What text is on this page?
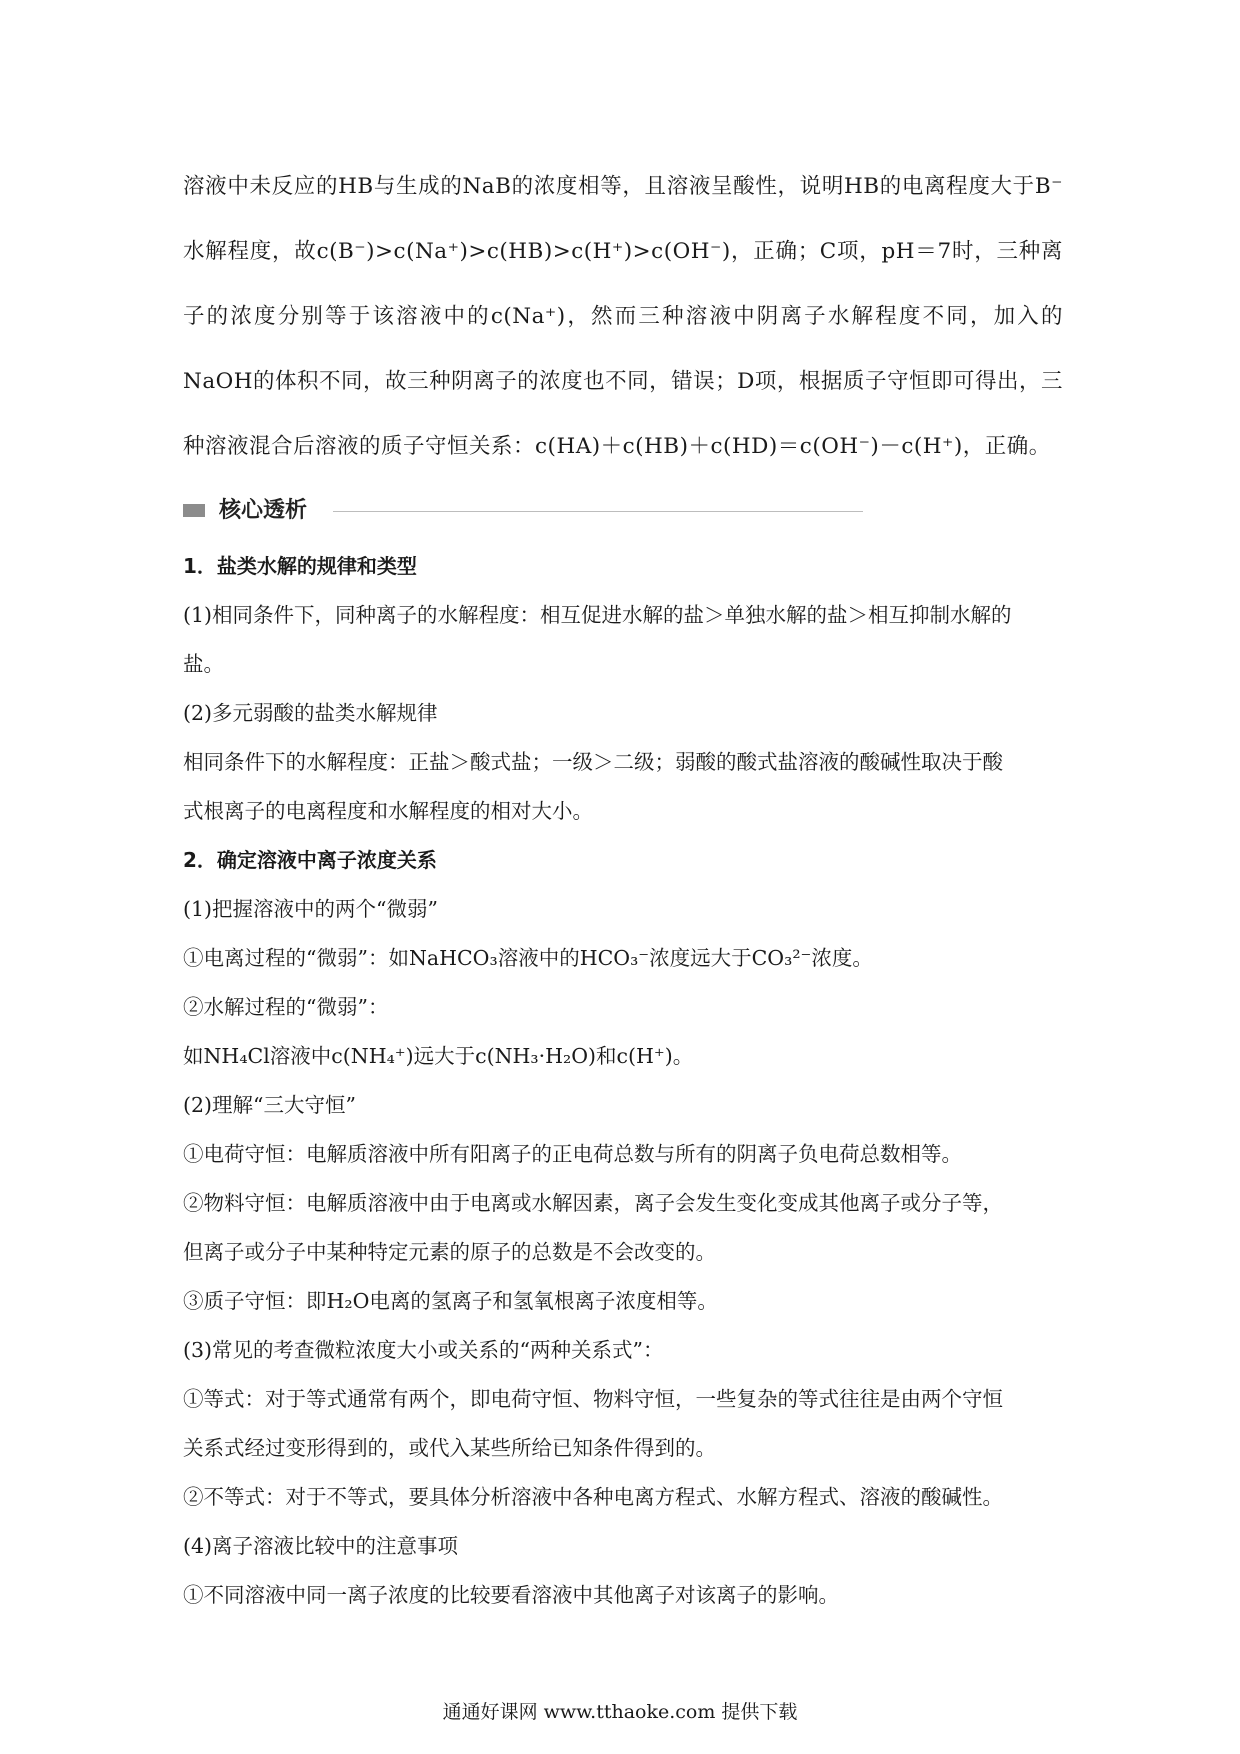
溶液中未反应的HB与生成的NaB的浓度相等，且溶液呈酸性，说明HB的电离程度大于B⁻水解程度，故c(B⁻)>c(Na⁺)>c(HB)>c(H⁺)>c(OH⁻)，正确；C项，pH＝7时，三种离子的浓度分别等于该溶液中的c(Na⁺)，然而三种溶液中阴离子水解程度不同，加入的NaOH的体积不同，故三种阴离子的浓度也不同，错误；D项，根据质子守恒即可得出，三种溶液混合后溶液的质子守恒关系：c(HA)＋c(HB)＋c(HD)＝c(OH⁻)－c(H⁺)，正确。
核心透析
1．盐类水解的规律和类型
(1)相同条件下，同种离子的水解程度：相互促进水解的盐＞单独水解的盐＞相互抑制水解的
盐。
(2)多元弱酸的盐类水解规律
相同条件下的水解程度：正盐＞酸式盐；一级＞二级；弱酸的酸式盐溶液的酸碱性取决于酸
式根离子的电离程度和水解程度的相对大小。
2．确定溶液中离子浓度关系
(1)把握溶液中的两个“微弱”
①电离过程的“微弱”：如NaHCO₃溶液中的HCO₃⁻浓度远大于CO₃²⁻浓度。
②水解过程的“微弱”：
如NH₄Cl溶液中c(NH₄⁺)远大于c(NH₃·H₂O)和c(H⁺)。
(2)理解“三大守恒”
①电荷守恒：电解质溶液中所有阳离子的正电荷总数与所有的阴离子负电荷总数相等。
②物料守恒：电解质溶液中由于电离或水解因素，离子会发生变化变成其他离子或分子等，
但离子或分子中某种特定元素的原子的总数是不会改变的。
③质子守恒：即H₂O电离的氢离子和氢氧根离子浓度相等。
(3)常见的考查微粒浓度大小或关系的“两种关系式”：
①等式：对于等式通常有两个，即电荷守恒、物料守恒，一些复杂的等式往往是由两个守恒
关系式经过变形得到的，或代入某些所给已知条件得到的。
②不等式：对于不等式，要具体分析溶液中各种电离方程式、水解方程式、溶液的酸碱性。
(4)离子溶液比较中的注意事项
①不同溶液中同一离子浓度的比较要看溶液中其他离子对该离子的影响。
通通好课网 www.tthaoke.com 提供下载
